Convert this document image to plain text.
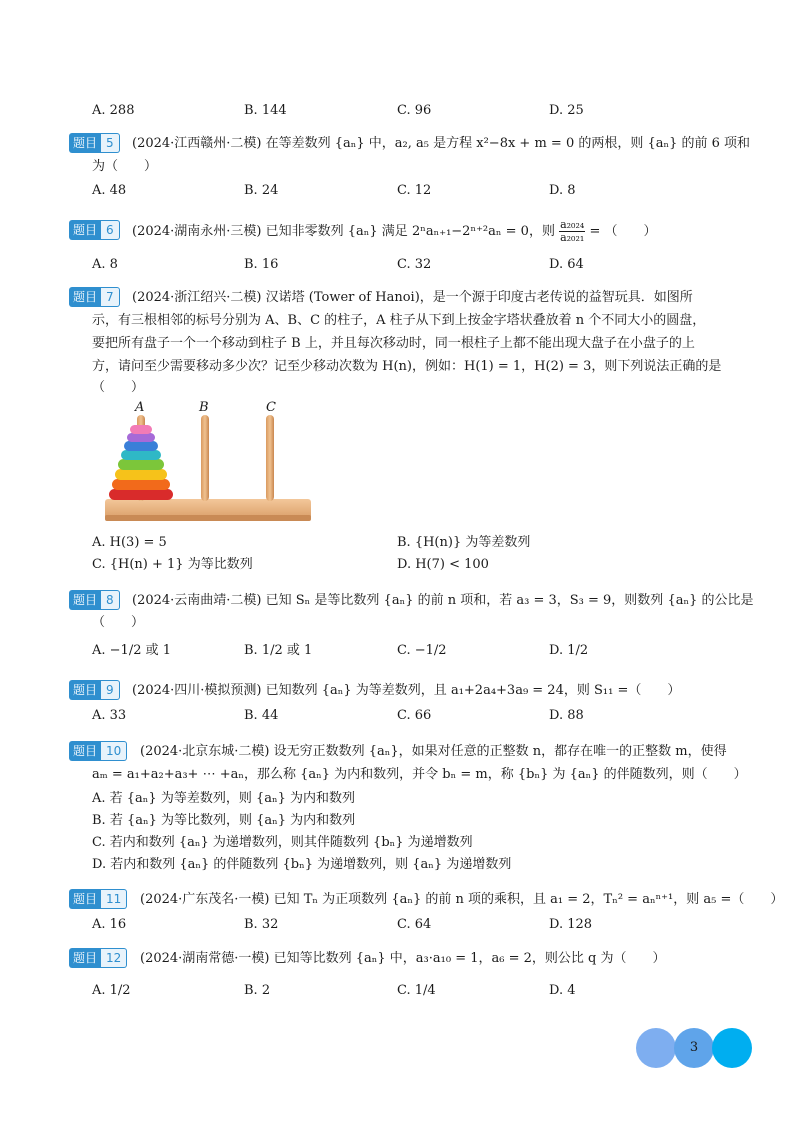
A. 288	B. 144	C. 96	D. 25
题目 5	(2024·江西赣州·二模) 在等差数列 {aₙ} 中，a₂, a₅ 是方程 x²−8x + m = 0 的两根，则 {aₙ} 的前 6 项和
为（　　）
A. 48	B. 24	C. 12	D. 8
题目 6	(2024·湖南永州·三模) 已知非零数列 {aₙ} 满足 2ⁿaₙ₊₁−2ⁿ⁺²aₙ = 0，则 $\frac{\text{a₂₀₂₄}}{\text{a₂₀₂₁}}$ = （　　）
A. 8	B. 16	C. 32	D. 64
题目 7	(2024·浙江绍兴·二模) 汉诺塔 (Tower of Hanoi)，是一个源于印度古老传说的益智玩具．如图所
示，有三根相邻的标号分别为 A、B、C 的柱子，A 柱子从下到上按金字塔状叠放着 n 个不同大小的圆盘，
要把所有盘子一个一个移动到柱子 B 上，并且每次移动时，同一根柱子上都不能出现大盘子在小盘子的上
方，请问至少需要移动多少次？记至少移动次数为 H(n)，例如：H(1) = 1，H(2) = 3，则下列说法正确的是
（　　）
A	B	C
A. H(3) = 5	B. {H(n)} 为等差数列
C. {H(n) + 1} 为等比数列	D. H(7) < 100
题目 8	(2024·云南曲靖·二模) 已知 Sₙ 是等比数列 {aₙ} 的前 n 项和，若 a₃ = 3，S₃ = 9，则数列 {aₙ} 的公比是
（　　）
A. −1/2 或 1	B. 1/2 或 1	C. −1/2	D. 1/2
题目 9	(2024·四川·模拟预测) 已知数列 {aₙ} 为等差数列，且 a₁+2a₄+3a₉ = 24，则 S₁₁ =（　　）
A. 33	B. 44	C. 66	D. 88
题目 10	(2024·北京东城·二模) 设无穷正数数列 {aₙ}，如果对任意的正整数 n，都存在唯一的正整数 m，使得
aₘ = a₁+a₂+a₃+ ⋯ +aₙ，那么称 {aₙ} 为内和数列，并令 bₙ = m，称 {bₙ} 为 {aₙ} 的伴随数列，则（　　）
A. 若 {aₙ} 为等差数列，则 {aₙ} 为内和数列
B. 若 {aₙ} 为等比数列，则 {aₙ} 为内和数列
C. 若内和数列 {aₙ} 为递增数列，则其伴随数列 {bₙ} 为递增数列
D. 若内和数列 {aₙ} 的伴随数列 {bₙ} 为递增数列，则 {aₙ} 为递增数列
题目 11	(2024·广东茂名·一模) 已知 Tₙ 为正项数列 {aₙ} 的前 n 项的乘积，且 a₁ = 2，Tₙ² = aₙⁿ⁺¹，则 a₅ =（　　）
A. 16	B. 32	C. 64	D. 128
题目 12	(2024·湖南常德·一模) 已知等比数列 {aₙ} 中，a₃·a₁₀ = 1，a₆ = 2，则公比 q 为（　　）
A. 1/2	B. 2	C. 1/4	D. 4
3
